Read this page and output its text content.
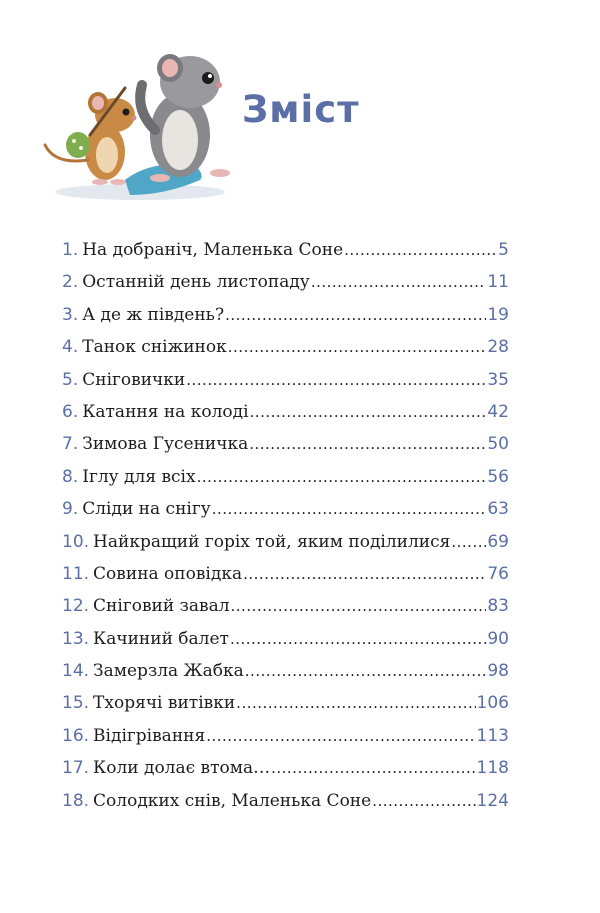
Зміст
1. На добраніч, Маленька Соне .....	5
2. Останній день листопаду .....	11
3. А де ж південь? .....	19
4. Танок сніжинок .....	28
5. Сніговички .....	35
6. Катання на колоді .....	42
7. Зимова Гусеничка .....	50
8. Іглу для всіх .....	56
9. Сліди на снігу .....	63
10. Найкращий горіх той, яким поділилися ..... 69
11. Совина оповідка .....	76
12. Сніговий завал .....	83
13. Качиний балет .....	90
14. Замерзла Жабка .....	98
15. Тхорячі витівки .....	106
16. Відігрівання .....	113
17. Коли долає втома… .....	118
18. Солодких снів, Маленька Соне .....	124
